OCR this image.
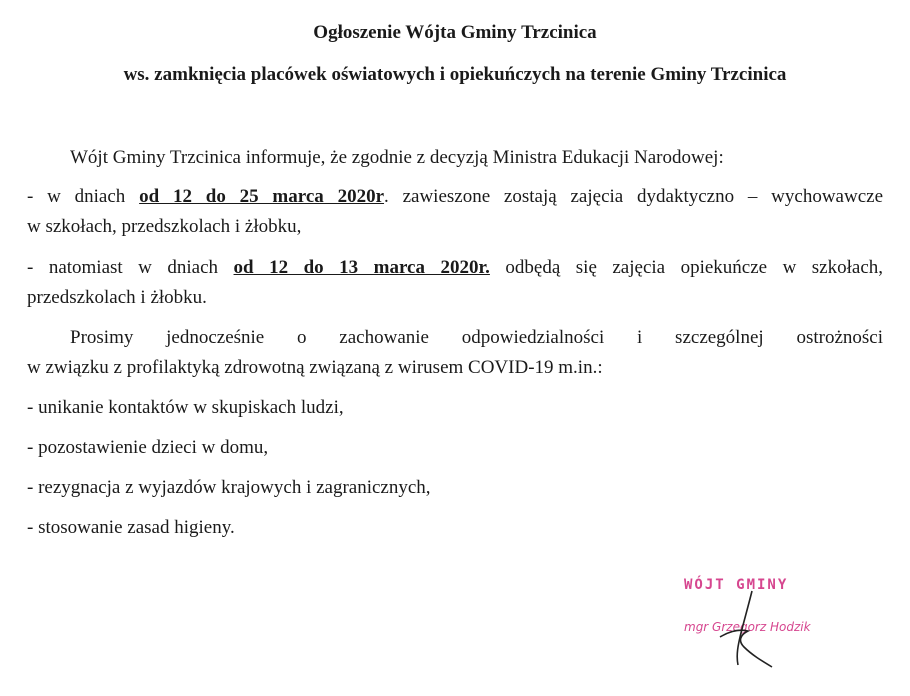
Ogłoszenie Wójta Gminy Trzcinica
ws. zamknięcia placówek oświatowych i opiekuńczych na terenie Gminy Trzcinica
Wójt Gminy Trzcinica informuje, że zgodnie z decyzją Ministra Edukacji Narodowej:
- w dniach od 12 do 25 marca 2020r. zawieszone zostają zajęcia dydaktyczno – wychowawcze
w szkołach, przedszkolach i żłobku,
- natomiast w dniach od 12 do 13 marca 2020r. odbędą się zajęcia opiekuńcze w szkołach,
przedszkolach i żłobku.
Prosimy jednocześnie o zachowanie odpowiedzialności i szczególnej ostrożności
w związku z profilaktyką zdrowotną związaną z wirusem COVID-19 m.in.:
- unikanie kontaktów w skupiskach ludzi,
- pozostawienie dzieci w domu,
- rezygnacja z wyjazdów krajowych i zagranicznych,
- stosowanie zasad higieny.
WÓJT GMINY
mgr Grzegorz Hodzik
